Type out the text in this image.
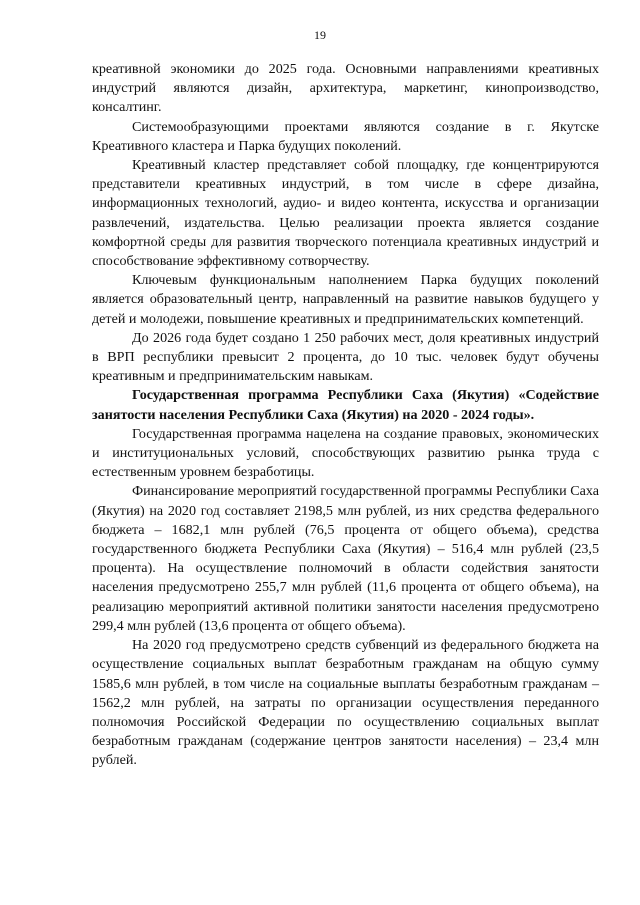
19

креативной экономики до 2025 года. Основными направлениями креативных индустрий являются дизайн, архитектура, маркетинг, кинопроизводство, консалтинг.

Системообразующими проектами являются создание в г. Якутске Креативного кластера и Парка будущих поколений.

Креативный кластер представляет собой площадку, где концентрируются представители креативных индустрий, в том числе в сфере дизайна, информационных технологий, аудио- и видео контента, искусства и организации развлечений, издательства. Целью реализации проекта является создание комфортной среды для развития творческого потенциала креативных индустрий и способствование эффективному сотворчеству.

Ключевым функциональным наполнением Парка будущих поколений является образовательный центр, направленный на развитие навыков будущего у детей и молодежи, повышение креативных и предпринимательских компетенций.

До 2026 года будет создано 1 250 рабочих мест, доля креативных индустрий в ВРП республики превысит 2 процента, до 10 тыс. человек будут обучены креативным и предпринимательским навыкам.

Государственная программа Республики Саха (Якутия) «Содействие занятости населения Республики Саха (Якутия) на 2020 - 2024 годы».

Государственная программа нацелена на создание правовых, экономических и институциональных условий, способствующих развитию рынка труда с естественным уровнем безработицы.

Финансирование мероприятий государственной программы Республики Саха (Якутия) на 2020 год составляет 2198,5 млн рублей, из них средства федерального бюджета – 1682,1 млн рублей (76,5 процента от общего объема), средства государственного бюджета Республики Саха (Якутия) – 516,4 млн рублей (23,5 процента). На осуществление полномочий в области содействия занятости населения предусмотрено 255,7 млн рублей (11,6 процента от общего объема), на реализацию мероприятий активной политики занятости населения предусмотрено 299,4 млн рублей (13,6 процента от общего объема).

На 2020 год предусмотрено средств субвенций из федерального бюджета на осуществление социальных выплат безработным гражданам на общую сумму 1585,6 млн рублей, в том числе на социальные выплаты безработным гражданам – 1562,2 млн рублей, на затраты по организации осуществления переданного полномочия Российской Федерации по осуществлению социальных выплат безработным гражданам (содержание центров занятости населения) – 23,4 млн рублей.
